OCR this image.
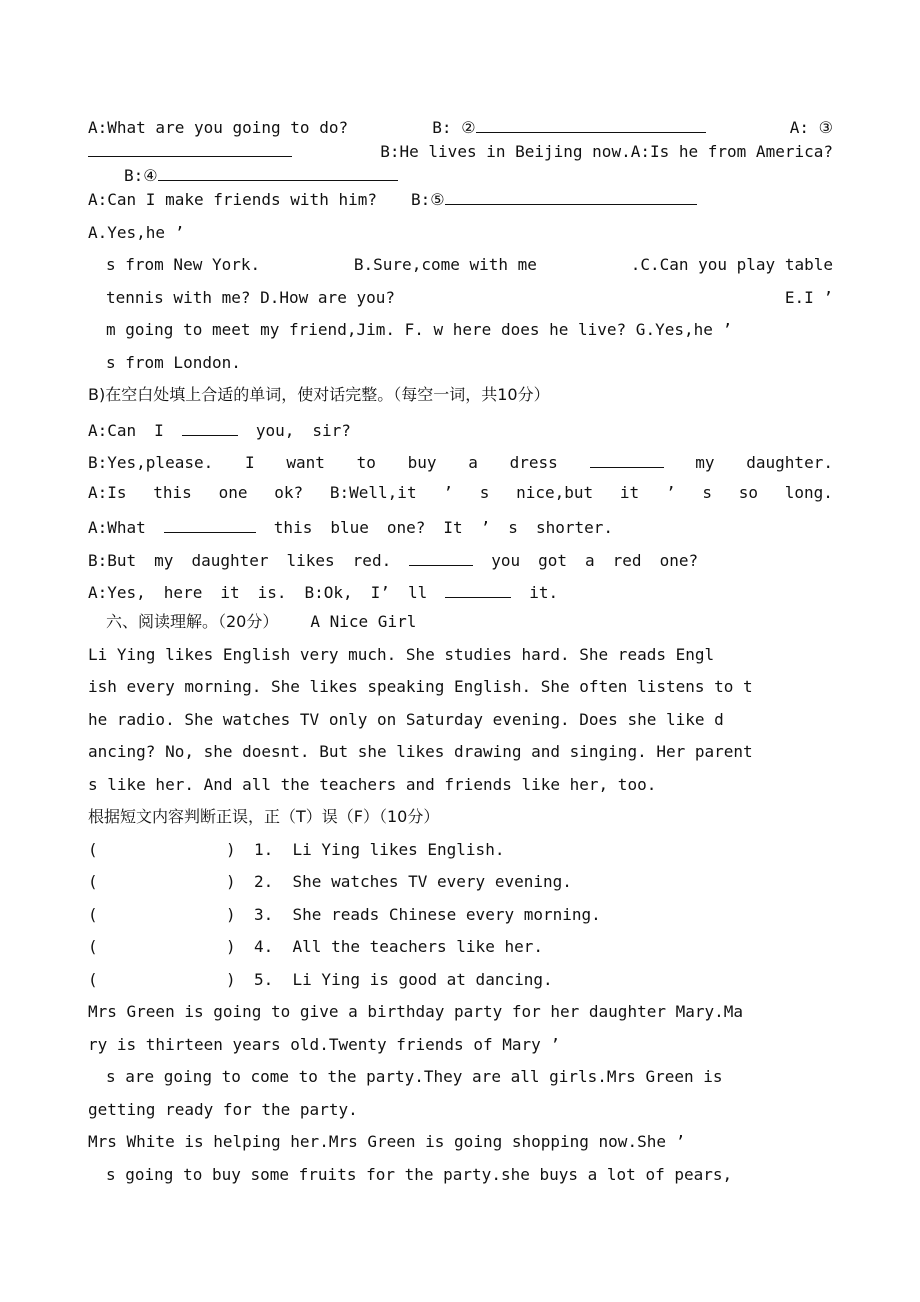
A:What are you going to do?	B: ②	A: ③
B:He lives in Beijing now.A:Is he from America?
B:④
A:Can I make friends with him? B:⑤
A.Yes,he ’
s from New York.	B.Sure,come with me	.C.Can you play table
tennis with me? D.How are you?	E.I ’
m going to meet my friend,Jim. F. w here does he live? G.Yes,he ’
s from London.
B)在空白处填上合适的单词，使对话完整。（每空一词，共10分）
A:Can I	you, sir?
B:Yes,please. I want to buy a dress	my daughter.
A:Is this one ok? B:Well,it ’ s nice,but it ’ s so long.
A:What	this blue one? It ’ s shorter.
B:But my daughter likes red.	you got a red one?
A:Yes, here it is. B:Ok, I’ ll	it.
六、阅读理解。（20分） A Nice Girl
Li Ying likes English very much. She studies hard. She reads Engl
ish every morning. She likes speaking English. She often listens to t
he radio. She watches TV only on Saturday evening. Does she like d
ancing? No, she doesnt. But she likes drawing and singing. Her parent
s like her. And all the teachers and friends like her, too.
根据短文内容判断正误，正（T）误（F）（10分）
(	) 1.  Li Ying likes English.
(	) 2.  She watches TV every evening.
(	) 3.  She reads Chinese every morning.
(	) 4.  All the teachers like her.
(	) 5.  Li Ying is good at dancing.
Mrs Green is going to give a birthday party for her daughter Mary.Ma
ry is thirteen years old.Twenty friends of Mary ’
s are going to come to the party.They are all girls.Mrs Green is
getting ready for the party.
Mrs White is helping her.Mrs Green is going shopping now.She ’
s going to buy some fruits for the party.she buys a lot of pears,
